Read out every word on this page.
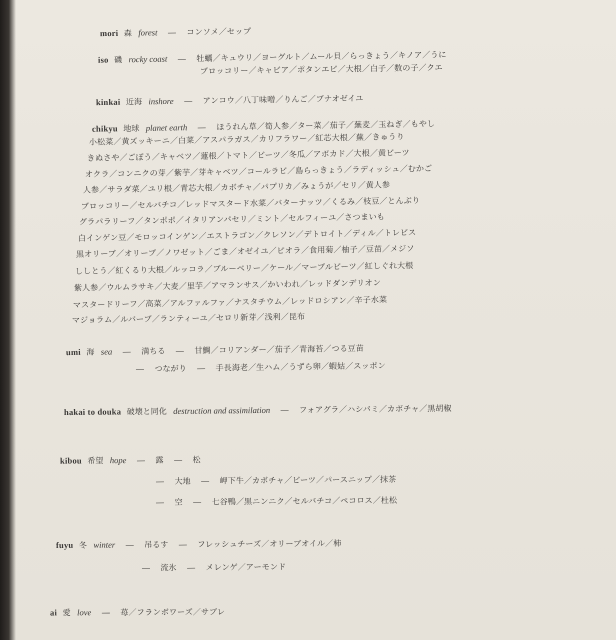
mori 森 forest — コンソメ／セップ
iso 磯 rocky coast — 牡蠣／キュウリ／ヨーグルト／ムール貝／らっきょう／キノア／うに
ブロッコリー／キャビア／ポタンエビ／大根／白子／数の子／クエ
kinkai 近海 inshore — アンコウ／八丁味噌／りんご／ブナオゼイユ
chikyu 地球 planet earth — ほうれん草／筍人参／ター菜／茄子／蕪麦／玉ねぎ／もやし
小松菜／黄ズッキーニ／白菜／アスパラガス／カリフラワー／紅芯大根／蕪／きゅうり
きぬさや／ごぼう／キャベツ／蓮根／トマト／ビーツ／冬瓜／アボカド／大根／黄ビーツ
オクラ／コンニクの芽／紫芋／芽キャベツ／コールラビ／島らっきょう／ラディッシュ／むかご
人参／サラダ菜／ユリ根／青芯大根／カボチャ／パプリカ／みょうが／セリ／黄人参
ブロッコリー／セルバチコ／レッドマスタード水菜／バターナッツ／くるみ／枝豆／とんぶり
グラパラリーフ／タンポポ／イタリアンパセリ／ミント／セルフィーユ／さつまいも
白インゲン豆／モロッコインゲン／エストラゴン／クレソン／デトロイト／ディル／トレビス
黒オリーブ／オリーブ／ノワゼット／ごま／オゼイユ／ピオラ／食用菊／柚子／豆苗／メジソ
ししとう／紅くるり大根／ルッコラ／ブルーベリー／ケール／マーブルビーツ／紅しぐれ大根
紫人参／ウルムラサキ／大麦／里芋／アマランサス／かいわれ／レッドダンデリオン
マスタードリーフ／高菜／アルファルファ／ナスタチウム／レッドロシアン／辛子水菜
マジョラム／ルバーブ／ランティーユ／セロリ新芽／浅利／昆布
umi 海 sea — 満ちる — 甘鯛／コリアンダー／茄子／青海苔／つる豆苗
— つながり — 手長海老／生ハム／うずら卵／蝦姑／スッポン
hakai to douka 破壊と同化 destruction and assimilation — フォアグラ／ハシバミ／カボチャ／黒胡椒
kibou 希望 hope — 露 — 松
— 大地 — 岬下牛／カボチャ／ビーツ／パースニップ／抹茶
— 空 — 七谷鴨／黒ニンニク／セルバチコ／ペコロス／杜松
fuyu 冬 winter — 吊るす — フレッシュチーズ／オリーブオイル／柿
— 流氷 — メレンゲ／アーモンド
ai 愛 love — 苺／フランボワーズ／サブレ
